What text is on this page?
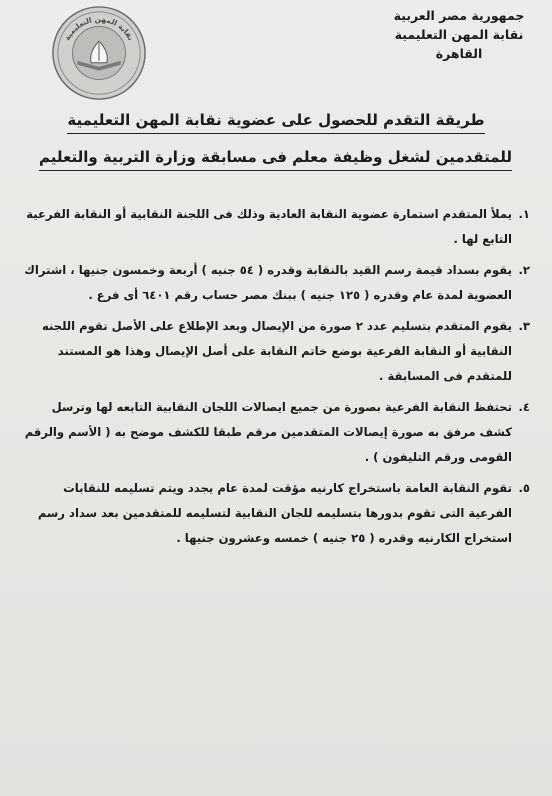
جمهورية مصر العربية
نقابة المهن التعليمية
القاهرة
نقابة المهن التعليمية
طريقة التقدم للحصول على عضوية نقابة المهن التعليمية
للمتقدمين لشغل وظيفة معلم فى مسابقة وزارة التربية والتعليم
١.
يملأ المتقدم استمارة عضوية النقابة العادية وذلك فى اللجنة النقابية أو النقابة الفرعية
التابع لها .
٢.
يقوم بسداد قيمة رسم القيد بالنقابة وقدره ( ٥٤ جنيه ) أربعة وخمسون جنيها ، اشتراك
العضوية لمدة عام وقدره ( ١٢٥ جنيه ) ببنك مصر حساب رقم ٦٤٠١ أى فرع .
٣.
يقوم المتقدم بتسليم عدد ٢ صورة من الإيصال وبعد الإطلاع على الأصل تقوم اللجنه
النقابية أو النقابة الفرعية بوضع خاتم النقابة على أصل الإيصال وهذا هو المستند
للمتقدم فى المسابقة .
٤.
تحتفظ النقابة الفرعية بصورة من جميع ايصالات اللجان النقابية التابعه لها وترسل
كشف مرفق به صورة إيصالات المتقدمين مرقم طبقا للكشف موضح به ( الأسم والرقم
القومى ورقم التليفون ) .
٥.
تقوم النقابة العامة باستخراج كارنيه مؤقت لمدة عام يجدد ويتم تسليمه للنقابات
الفرعية التى تقوم بدورها بتسليمه للجان النقابية لتسليمه للمتقدمين بعد سداد رسم
استخراج الكارنيه وقدره ( ٢٥ جنيه ) خمسه وعشرون جنيها .
